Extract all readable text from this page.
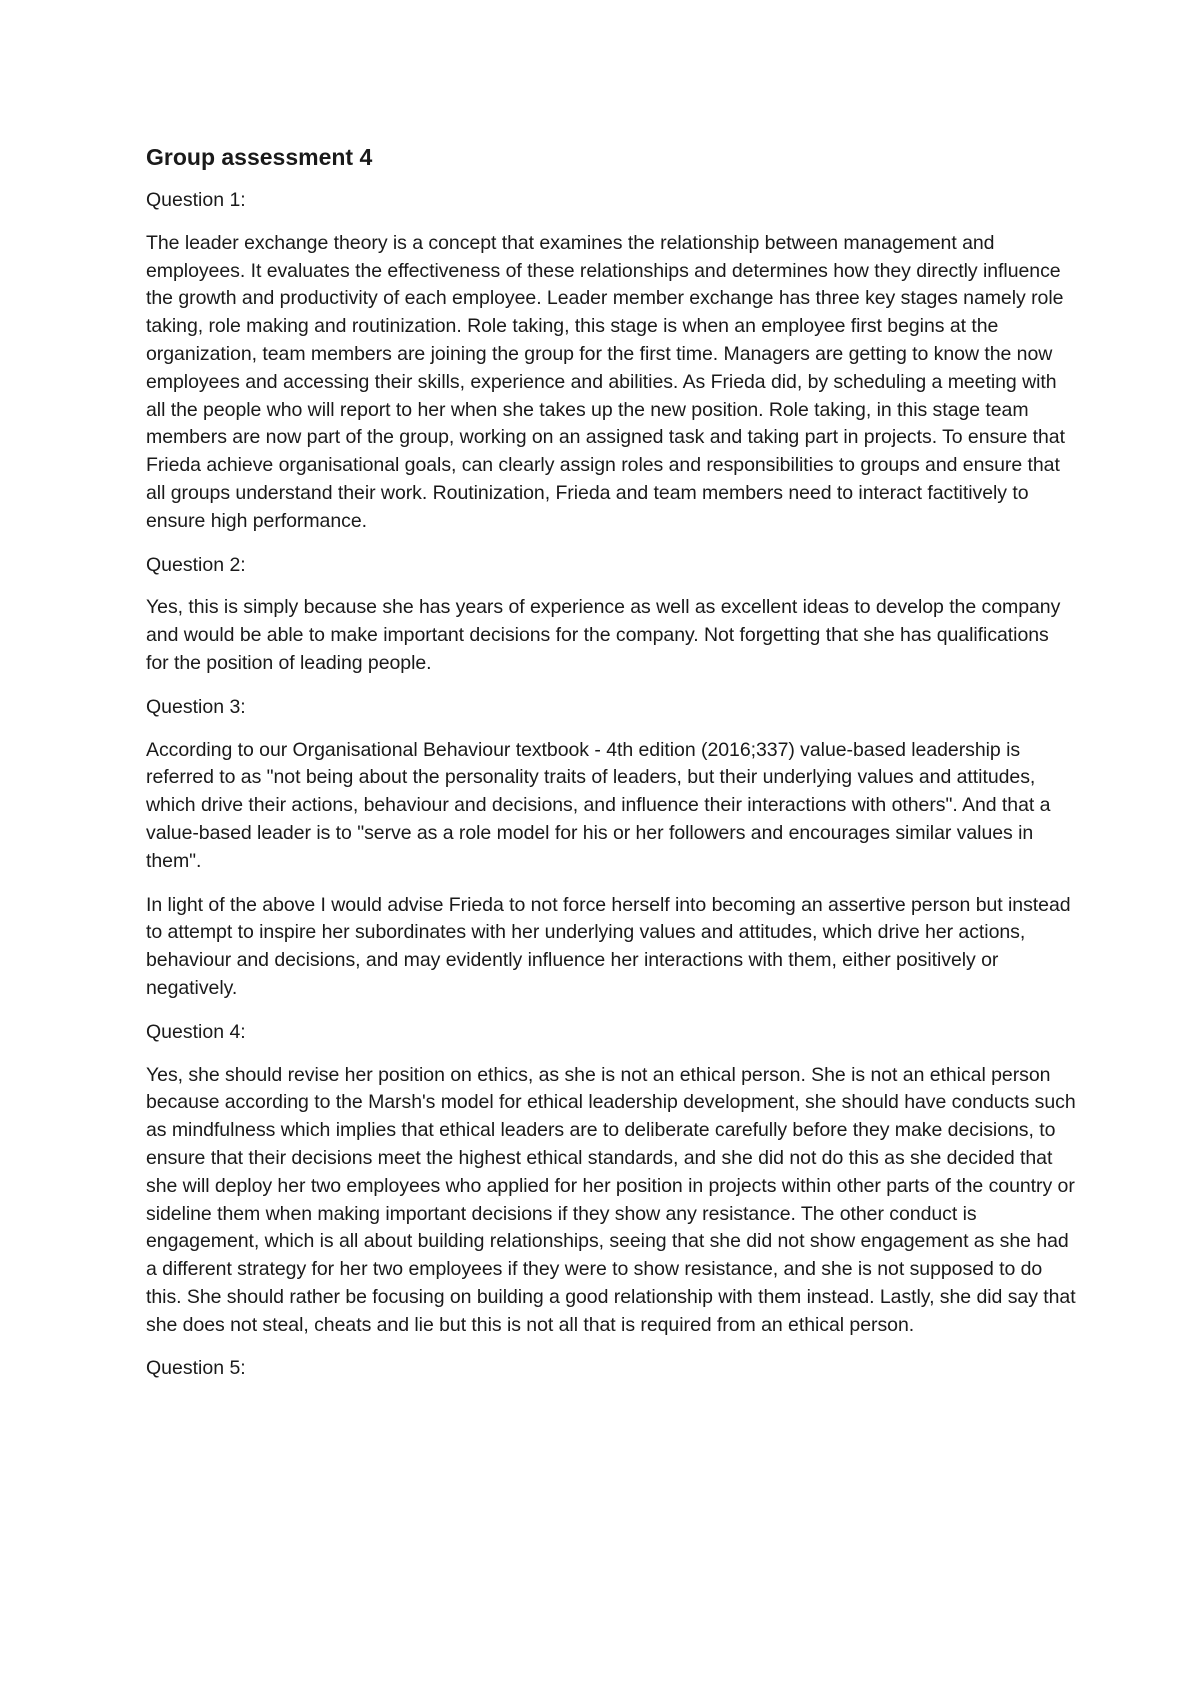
Group assessment 4
Question 1:

The leader exchange theory is a concept that examines the relationship between management and employees. It evaluates the effectiveness of these relationships and determines how they directly influence the growth and productivity of each employee. Leader member exchange has three key stages namely role taking, role making and routinization. Role taking, this stage is when an employee first begins at the organization, team members are joining the group for the first time. Managers are getting to know the now employees and accessing their skills, experience and abilities. As Frieda did, by scheduling a meeting with all the people who will report to her when she takes up the new position. Role taking, in this stage team members are now part of the group, working on an assigned task and taking part in projects. To ensure that Frieda achieve organisational goals, can clearly assign roles and responsibilities to groups and ensure that all groups understand their work. Routinization, Frieda and team members need to interact factitively to ensure high performance.

Question 2:

Yes, this is simply because she has years of experience as well as excellent ideas to develop the company and would be able to make important decisions for the company. Not forgetting that she has qualifications for the position of leading people.

Question 3:

According to our Organisational Behaviour textbook - 4th edition (2016;337) value-based leadership is referred to as "not being about the personality traits of leaders, but their underlying values and attitudes, which drive their actions, behaviour and decisions, and influence their interactions with others". And that a value-based leader is to "serve as a role model for his or her followers and encourages similar values in them".

In light of the above I would advise Frieda to not force herself into becoming an assertive person but instead to attempt to inspire her subordinates with her underlying values and attitudes, which drive her actions, behaviour and decisions, and may evidently influence her interactions with them, either positively or negatively.

Question 4:

Yes, she should revise her position on ethics, as she is not an ethical person. She is not an ethical person because according to the Marsh's model for ethical leadership development, she should have conducts such as mindfulness which implies that ethical leaders are to deliberate carefully before they make decisions, to ensure that their decisions meet the highest ethical standards, and she did not do this as she decided that she will deploy her two employees who applied for her position in projects within other parts of the country or sideline them when making important decisions if they show any resistance. The other conduct is engagement, which is all about building relationships, seeing that she did not show engagement as she had a different strategy for her two employees if they were to show resistance, and she is not supposed to do this. She should rather be focusing on building a good relationship with them instead. Lastly, she did say that she does not steal, cheats and lie but this is not all that is required from an ethical person.

Question 5:
